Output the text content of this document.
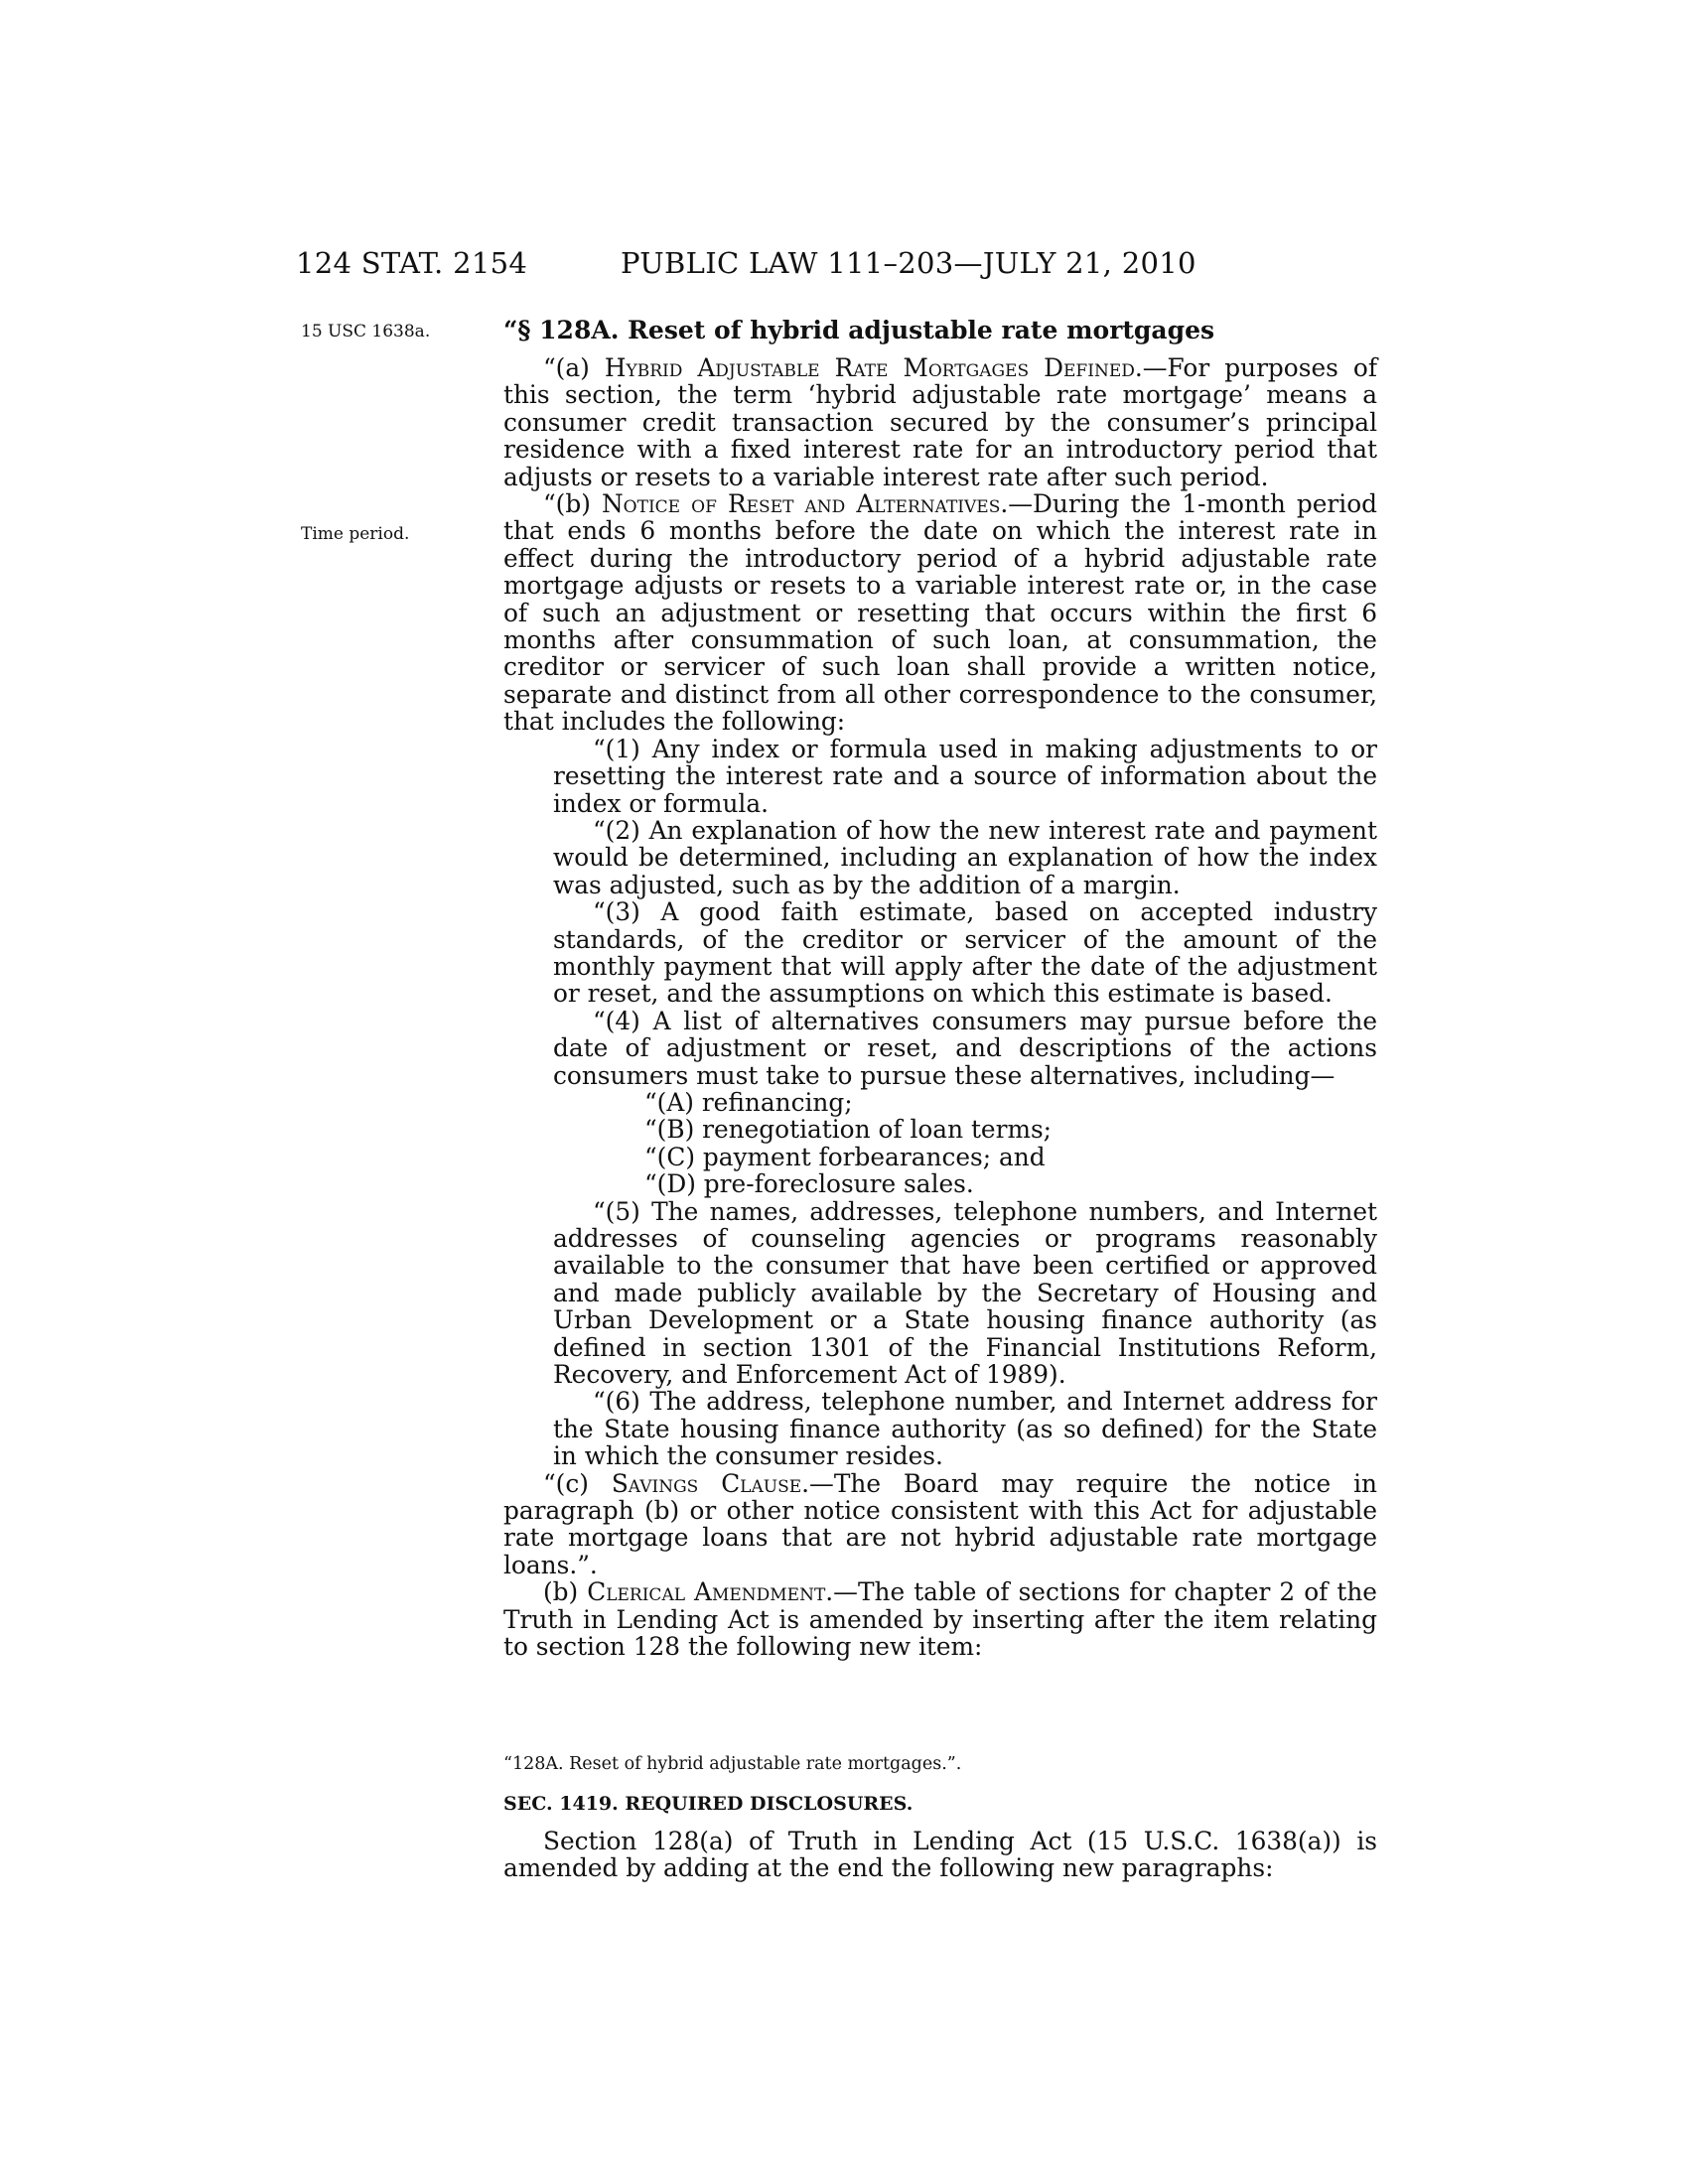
124 STAT. 2154	PUBLIC LAW 111–203—JULY 21, 2010
15 USC 1638a.
Time period.
“§ 128A. Reset of hybrid adjustable rate mortgages

“(a) Hybrid Adjustable Rate Mortgages Defined.—For purposes of this section, the term ‘hybrid adjustable rate mortgage’ means a consumer credit transaction secured by the consumer’s principal residence with a fixed interest rate for an introductory period that adjusts or resets to a variable interest rate after such period.

“(b) Notice of Reset and Alternatives.—During the 1-month period that ends 6 months before the date on which the interest rate in effect during the introductory period of a hybrid adjustable rate mortgage adjusts or resets to a variable interest rate or, in the case of such an adjustment or resetting that occurs within the first 6 months after consummation of such loan, at consummation, the creditor or servicer of such loan shall provide a written notice, separate and distinct from all other correspondence to the consumer, that includes the following:

“(1) Any index or formula used in making adjustments to or resetting the interest rate and a source of information about the index or formula.

“(2) An explanation of how the new interest rate and payment would be determined, including an explanation of how the index was adjusted, such as by the addition of a margin.

“(3) A good faith estimate, based on accepted industry standards, of the creditor or servicer of the amount of the monthly payment that will apply after the date of the adjustment or reset, and the assumptions on which this estimate is based.

“(4) A list of alternatives consumers may pursue before the date of adjustment or reset, and descriptions of the actions consumers must take to pursue these alternatives, including—

“(A) refinancing;

“(B) renegotiation of loan terms;

“(C) payment forbearances; and

“(D) pre-foreclosure sales.

“(5) The names, addresses, telephone numbers, and Internet addresses of counseling agencies or programs reasonably available to the consumer that have been certified or approved and made publicly available by the Secretary of Housing and Urban Development or a State housing finance authority (as defined in section 1301 of the Financial Institutions Reform, Recovery, and Enforcement Act of 1989).

“(6) The address, telephone number, and Internet address for the State housing finance authority (as so defined) for the State in which the consumer resides.

“(c) Savings Clause.—The Board may require the notice in paragraph (b) or other notice consistent with this Act for adjustable rate mortgage loans that are not hybrid adjustable rate mortgage loans.”.

(b) Clerical Amendment.—The table of sections for chapter 2 of the Truth in Lending Act is amended by inserting after the item relating to section 128 the following new item:

“128A. Reset of hybrid adjustable rate mortgages.”.
SEC. 1419. REQUIRED DISCLOSURES.

Section 128(a) of Truth in Lending Act (15 U.S.C. 1638(a)) is amended by adding at the end the following new paragraphs:
